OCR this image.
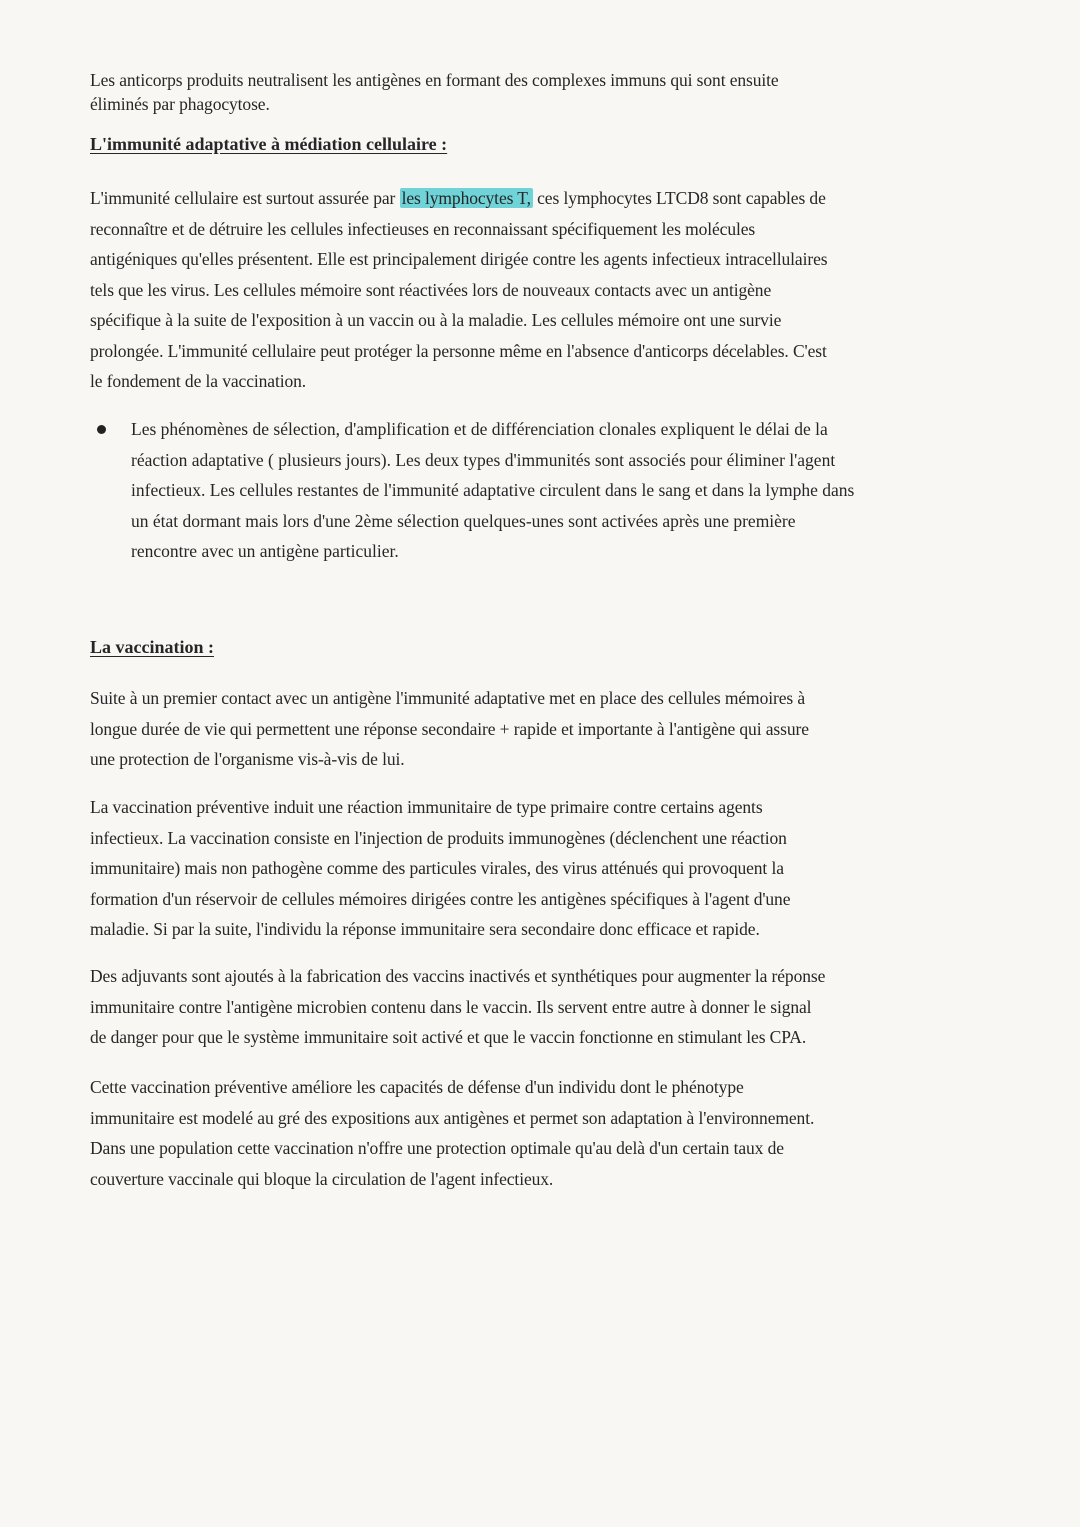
Les anticorps produits neutralisent les antigènes en formant des complexes immuns qui sont ensuite
éliminés par phagocytose.
L'immunité adaptative à médiation cellulaire :
L'immunité cellulaire est surtout assurée par les lymphocytes T, ces lymphocytes LTCD8 sont capables de
reconnaître et de détruire les cellules infectieuses en reconnaissant spécifiquement les molécules
antigéniques qu'elles présentent. Elle est principalement dirigée contre les agents infectieux intracellulaires
tels que les virus. Les cellules mémoire sont réactivées lors de nouveaux contacts avec un antigène
spécifique à la suite de l'exposition à un vaccin ou à la maladie. Les cellules mémoire ont une survie
prolongée. L'immunité cellulaire peut protéger la personne même en l'absence d'anticorps décelables. C'est
le fondement de la vaccination.
Les phénomènes de sélection, d'amplification et de différenciation clonales expliquent le délai de la
réaction adaptative ( plusieurs jours). Les deux types d'immunités sont associés pour éliminer l'agent
infectieux. Les cellules restantes de l'immunité adaptative circulent dans le sang et dans la lymphe dans
un état dormant mais lors d'une 2ème sélection quelques-unes sont activées après une première
rencontre avec un antigène particulier.
La vaccination :
Suite à un premier contact avec un antigène l'immunité adaptative met en place des cellules mémoires à
longue durée de vie qui permettent une réponse secondaire + rapide et importante à l'antigène qui assure
une protection de l'organisme vis-à-vis de lui.
La vaccination préventive induit une réaction immunitaire de type primaire contre certains agents
infectieux. La vaccination consiste en l'injection de produits immunogènes (déclenchent une réaction
immunitaire) mais non pathogène comme des particules virales, des virus atténués qui provoquent la
formation d'un réservoir de cellules mémoires dirigées contre les antigènes spécifiques à l'agent d'une
maladie. Si par la suite, l'individu la réponse immunitaire sera secondaire donc efficace et rapide.
Des adjuvants sont ajoutés à la fabrication des vaccins inactivés et synthétiques pour augmenter la réponse
immunitaire contre l'antigène microbien contenu dans le vaccin. Ils servent entre autre à donner le signal
de danger pour que le système immunitaire soit activé et que le vaccin fonctionne en stimulant les CPA.
Cette vaccination préventive améliore les capacités de défense d'un individu dont le phénotype
immunitaire est modelé au gré des expositions aux antigènes et permet son adaptation à l'environnement.
Dans une population cette vaccination n'offre une protection optimale qu'au delà d'un certain taux de
couverture vaccinale qui bloque la circulation de l'agent infectieux.
